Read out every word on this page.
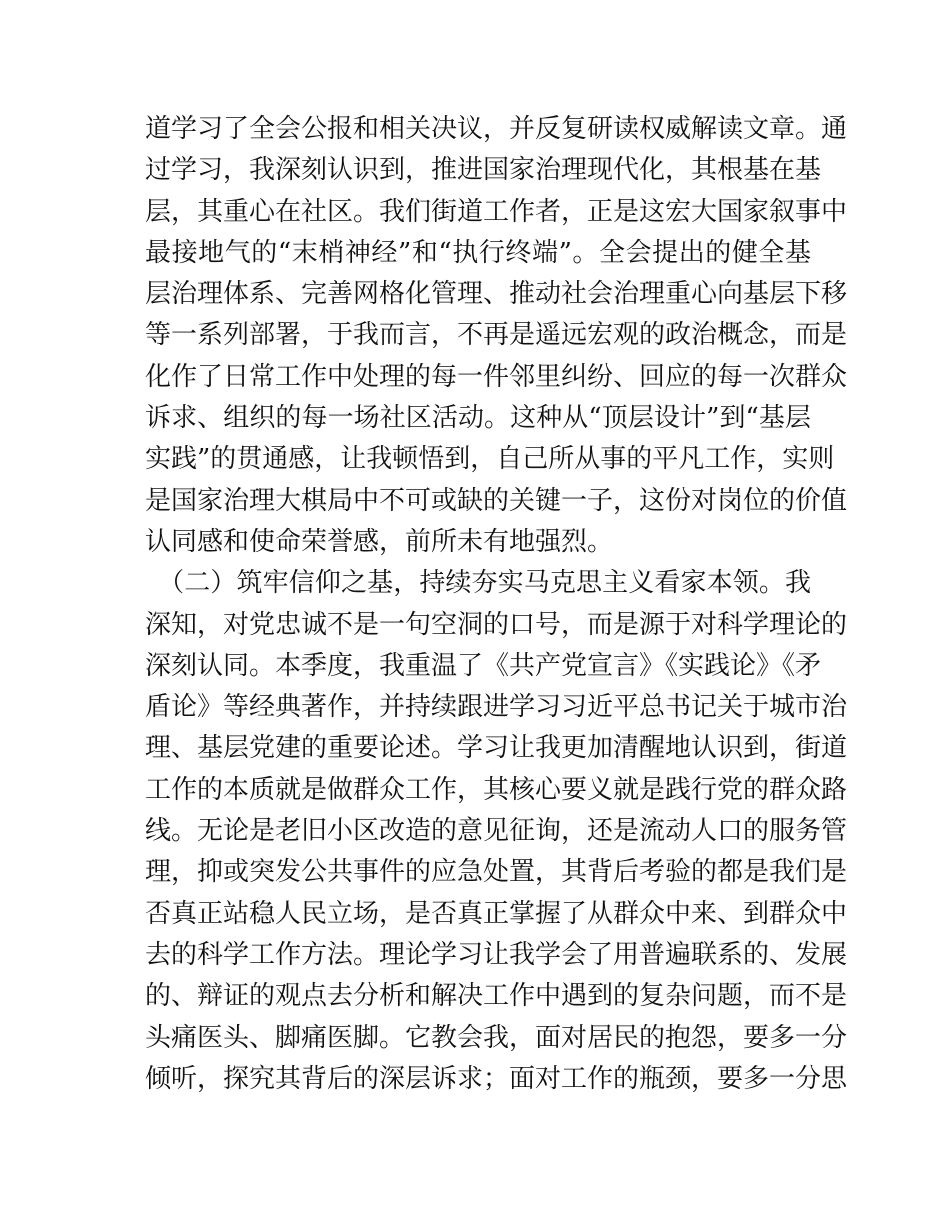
道学习了全会公报和相关决议，并反复研读权威解读文章。通
过学习，我深刻认识到，推进国家治理现代化，其根基在基
层，其重心在社区。我们街道工作者，正是这宏大国家叙事中
最接地气的“末梢神经”和“执行终端”。全会提出的健全基
层治理体系、完善网格化管理、推动社会治理重心向基层下移
等一系列部署，于我而言，不再是遥远宏观的政治概念，而是
化作了日常工作中处理的每一件邻里纠纷、回应的每一次群众
诉求、组织的每一场社区活动。这种从“顶层设计”到“基层
实践”的贯通感，让我顿悟到，自己所从事的平凡工作，实则
是国家治理大棋局中不可或缺的关键一子，这份对岗位的价值
认同感和使命荣誉感，前所未有地强烈。
　（二）筑牢信仰之基，持续夯实马克思主义看家本领。我
深知，对党忠诚不是一句空洞的口号，而是源于对科学理论的
深刻认同。本季度，我重温了《共产党宣言》《实践论》《矛
盾论》等经典著作，并持续跟进学习习近平总书记关于城市治
理、基层党建的重要论述。学习让我更加清醒地认识到，街道
工作的本质就是做群众工作，其核心要义就是践行党的群众路
线。无论是老旧小区改造的意见征询，还是流动人口的服务管
理，抑或突发公共事件的应急处置，其背后考验的都是我们是
否真正站稳人民立场，是否真正掌握了从群众中来、到群众中
去的科学工作方法。理论学习让我学会了用普遍联系的、发展
的、辩证的观点去分析和解决工作中遇到的复杂问题，而不是
头痛医头、脚痛医脚。它教会我，面对居民的抱怨，要多一分
倾听，探究其背后的深层诉求；面对工作的瓶颈，要多一分思
